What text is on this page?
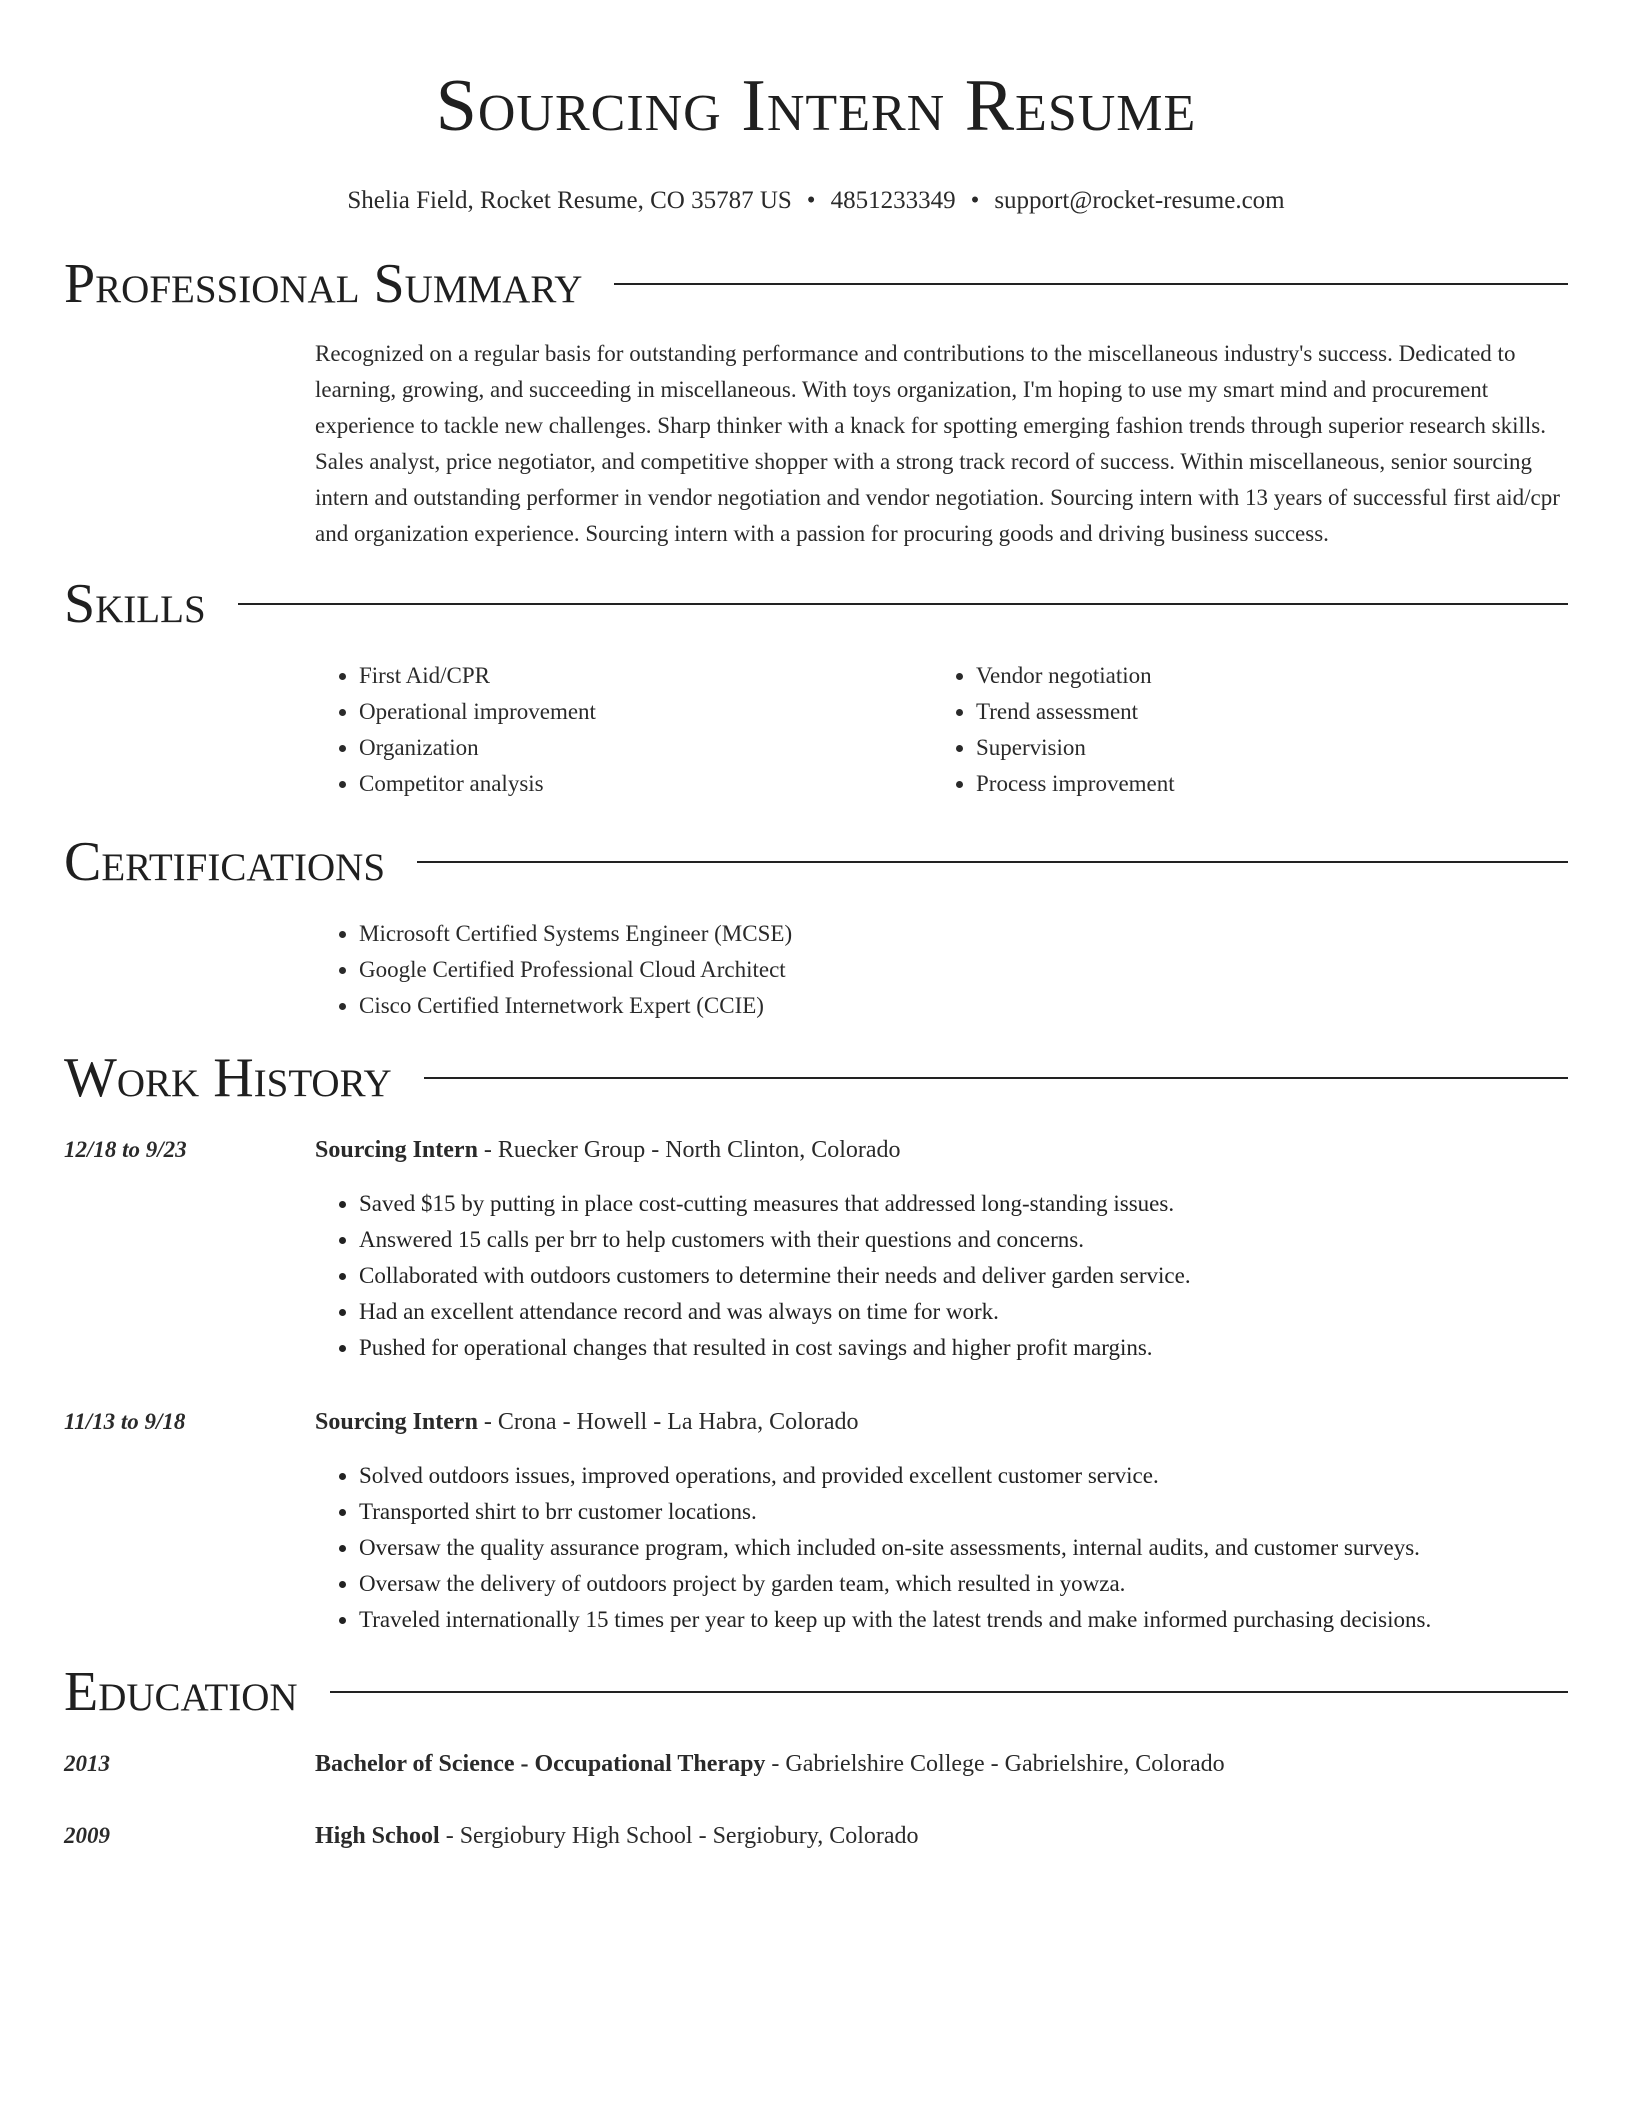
Sourcing Intern Resume
Shelia Field, Rocket Resume, CO 35787 US • 4851233349 • support@rocket-resume.com
Professional Summary
Recognized on a regular basis for outstanding performance and contributions to the miscellaneous industry's success. Dedicated to learning, growing, and succeeding in miscellaneous. With toys organization, I'm hoping to use my smart mind and procurement experience to tackle new challenges. Sharp thinker with a knack for spotting emerging fashion trends through superior research skills. Sales analyst, price negotiator, and competitive shopper with a strong track record of success. Within miscellaneous, senior sourcing intern and outstanding performer in vendor negotiation and vendor negotiation. Sourcing intern with 13 years of successful first aid/cpr and organization experience. Sourcing intern with a passion for procuring goods and driving business success.
Skills
• First Aid/CPR
• Operational improvement
• Organization
• Competitor analysis
• Vendor negotiation
• Trend assessment
• Supervision
• Process improvement
Certifications
• Microsoft Certified Systems Engineer (MCSE)
• Google Certified Professional Cloud Architect
• Cisco Certified Internetwork Expert (CCIE)
Work History
12/18 to 9/23	Sourcing Intern - Ruecker Group - North Clinton, Colorado
• Saved $15 by putting in place cost-cutting measures that addressed long-standing issues.
• Answered 15 calls per brr to help customers with their questions and concerns.
• Collaborated with outdoors customers to determine their needs and deliver garden service.
• Had an excellent attendance record and was always on time for work.
• Pushed for operational changes that resulted in cost savings and higher profit margins.
11/13 to 9/18	Sourcing Intern - Crona - Howell - La Habra, Colorado
• Solved outdoors issues, improved operations, and provided excellent customer service.
• Transported shirt to brr customer locations.
• Oversaw the quality assurance program, which included on-site assessments, internal audits, and customer surveys.
• Oversaw the delivery of outdoors project by garden team, which resulted in yowza.
• Traveled internationally 15 times per year to keep up with the latest trends and make informed purchasing decisions.
Education
2013	Bachelor of Science - Occupational Therapy - Gabrielshire College - Gabrielshire, Colorado
2009	High School - Sergiobury High School - Sergiobury, Colorado
